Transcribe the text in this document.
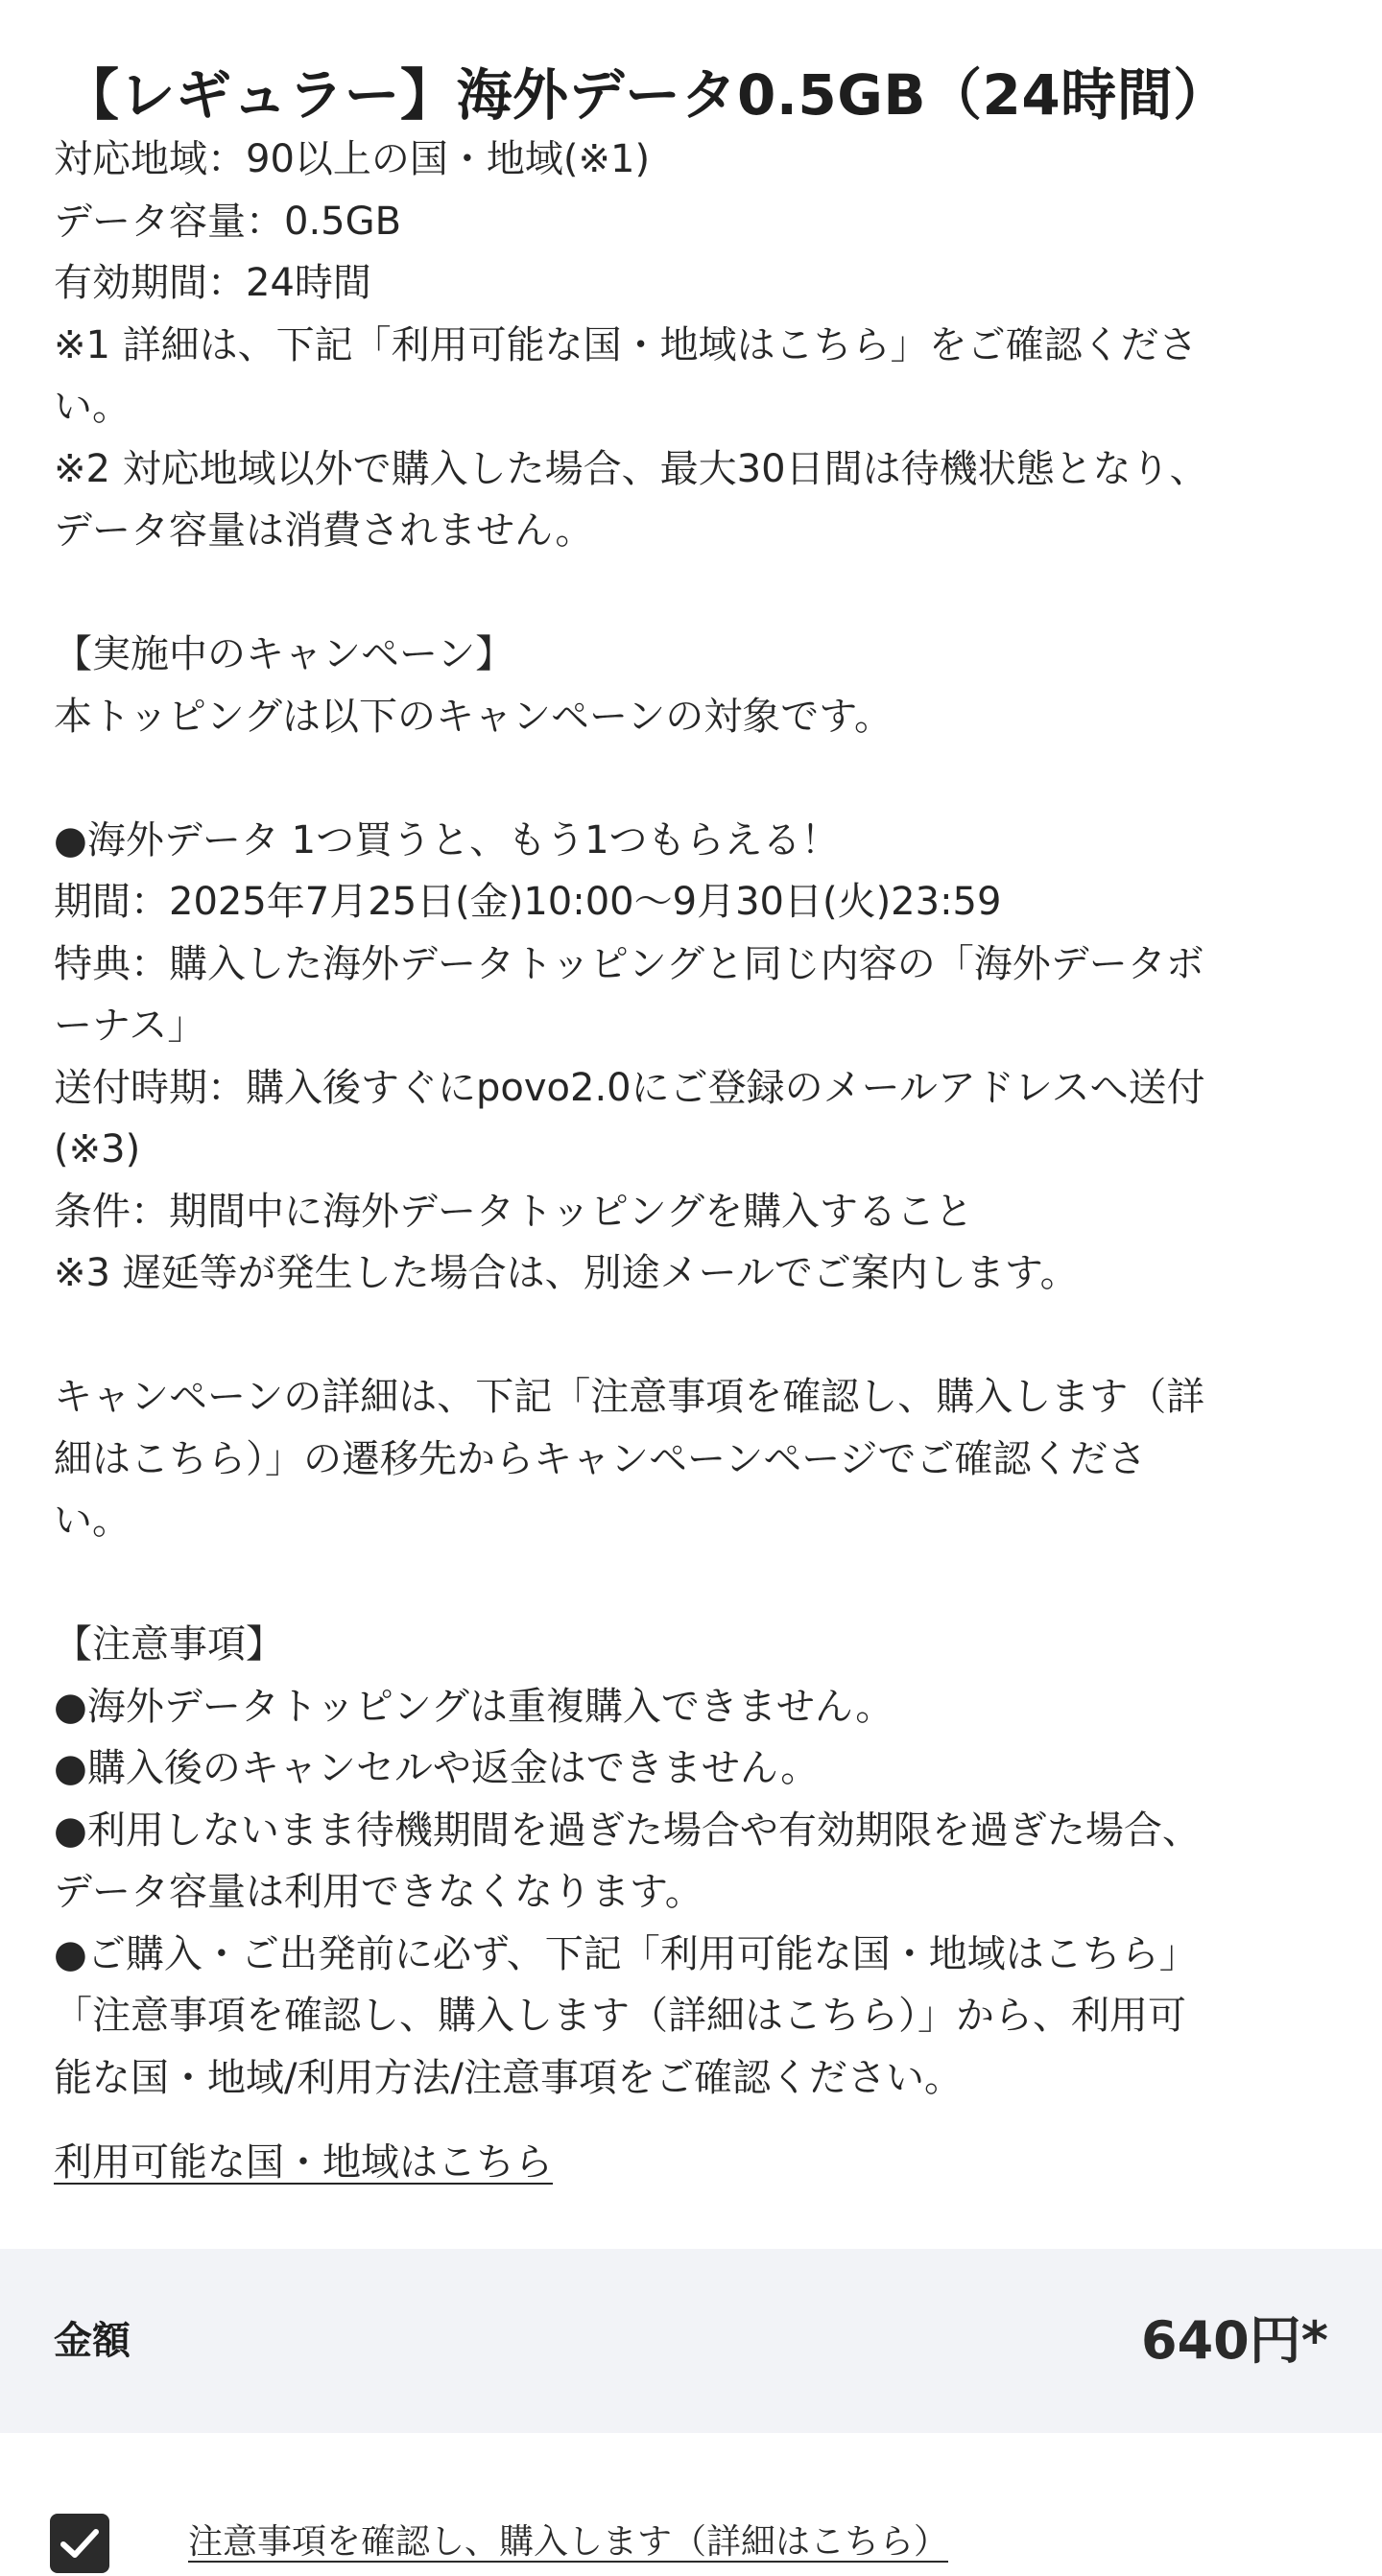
【レギュラー】海外データ0.5GB（24時間）
対応地域：90以上の国・地域(※1)
データ容量：0.5GB
有効期間：24時間
※1 詳細は、下記「利用可能な国・地域はこちら」をご確認くださ
い。
※2 対応地域以外で購入した場合、最大30日間は待機状態となり、
データ容量は消費されません。
【実施中のキャンペーン】
本トッピングは以下のキャンペーンの対象です。
●海外データ 1つ買うと、もう1つもらえる！
期間：2025年7月25日(金)10:00〜9月30日(火)23:59
特典：購入した海外データトッピングと同じ内容の「海外データボ
ーナス」
送付時期：購入後すぐにpovo2.0にご登録のメールアドレスへ送付
(※3)
条件：期間中に海外データトッピングを購入すること
※3 遅延等が発生した場合は、別途メールでご案内します。
キャンペーンの詳細は、下記「注意事項を確認し、購入します（詳
細はこちら）」の遷移先からキャンペーンページでご確認くださ
い。
【注意事項】
●海外データトッピングは重複購入できません。
●購入後のキャンセルや返金はできません。
●利用しないまま待機期間を過ぎた場合や有効期限を過ぎた場合、
データ容量は利用できなくなります。
●ご購入・ご出発前に必ず、下記「利用可能な国・地域はこちら」
「注意事項を確認し、購入します（詳細はこちら）」から、利用可
能な国・地域/利用方法/注意事項をご確認ください。
利用可能な国・地域はこちら
金額	640円*
注意事項を確認し、購入します（詳細はこちら）
